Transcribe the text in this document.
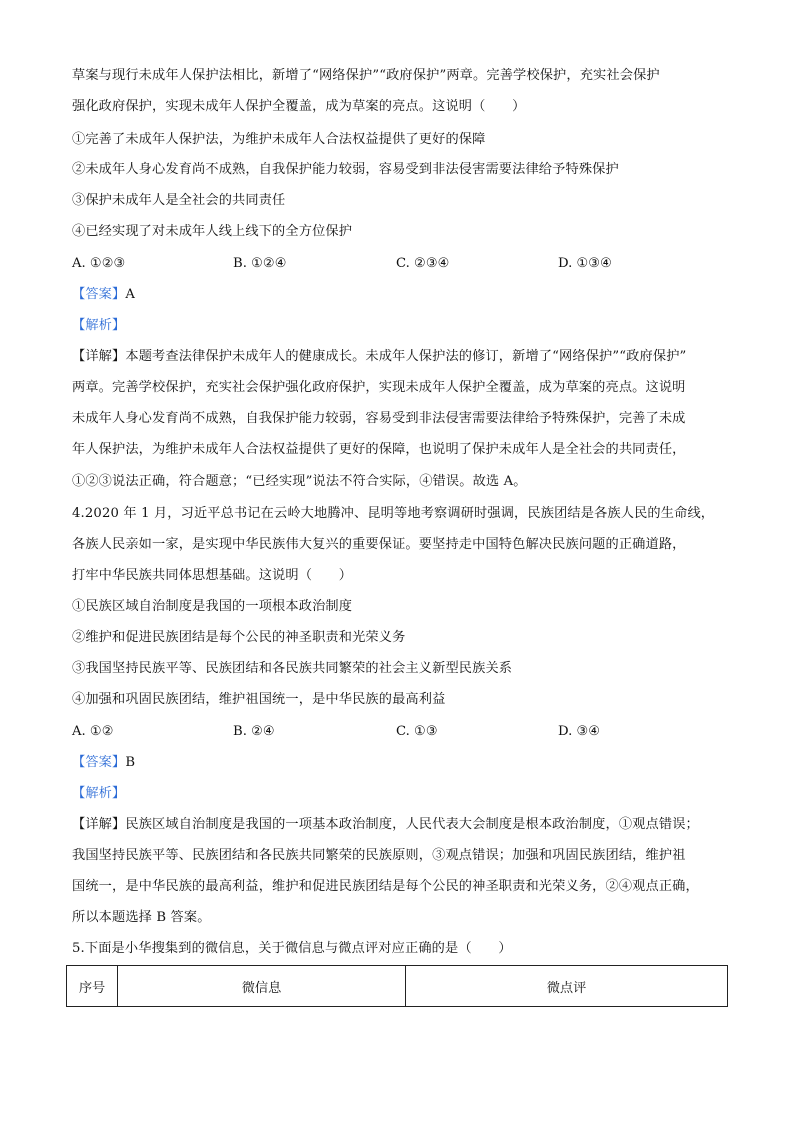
草案与现行未成年人保护法相比，新增了“网络保护”“政府保护”两章。完善学校保护，充实社会保护
强化政府保护，实现未成年人保护全覆盖，成为草案的亮点。这说明（　　）
①完善了未成年人保护法，为维护未成年人合法权益提供了更好的保障
②未成年人身心发育尚不成熟，自我保护能力较弱，容易受到非法侵害需要法律给予特殊保护
③保护未成年人是全社会的共同责任
④已经实现了对未成年人线上线下的全方位保护
A. ①②③	B. ①②④	C. ②③④	D. ①③④
【答案】A
【解析】
【详解】本题考查法律保护未成年人的健康成长。未成年人保护法的修订，新增了“网络保护”“政府保护”
两章。完善学校保护，充实社会保护强化政府保护，实现未成年人保护全覆盖，成为草案的亮点。这说明
未成年人身心发育尚不成熟，自我保护能力较弱，容易受到非法侵害需要法律给予特殊保护，完善了未成
年人保护法，为维护未成年人合法权益提供了更好的保障，也说明了保护未成年人是全社会的共同责任，
①②③说法正确，符合题意；“已经实现”说法不符合实际，④错误。故选 A。
4.2020 年 1 月，习近平总书记在云岭大地腾冲、昆明等地考察调研时强调，民族团结是各族人民的生命线，
各族人民亲如一家，是实现中华民族伟大复兴的重要保证。要坚持走中国特色解决民族问题的正确道路，
打牢中华民族共同体思想基础。这说明（　　）
①民族区域自治制度是我国的一项根本政治制度
②维护和促进民族团结是每个公民的神圣职责和光荣义务
③我国坚持民族平等、民族团结和各民族共同繁荣的社会主义新型民族关系
④加强和巩固民族团结，维护祖国统一，是中华民族的最高利益
A. ①②	B. ②④	C. ①③	D. ③④
【答案】B
【解析】
【详解】民族区域自治制度是我国的一项基本政治制度，人民代表大会制度是根本政治制度，①观点错误；
我国坚持民族平等、民族团结和各民族共同繁荣的民族原则，③观点错误；加强和巩固民族团结，维护祖
国统一，是中华民族的最高利益，维护和促进民族团结是每个公民的神圣职责和光荣义务，②④观点正确，
所以本题选择 B 答案。
5.下面是小华搜集到的微信息，关于微信息与微点评对应正确的是（　　）
序号	微信息	微点评
